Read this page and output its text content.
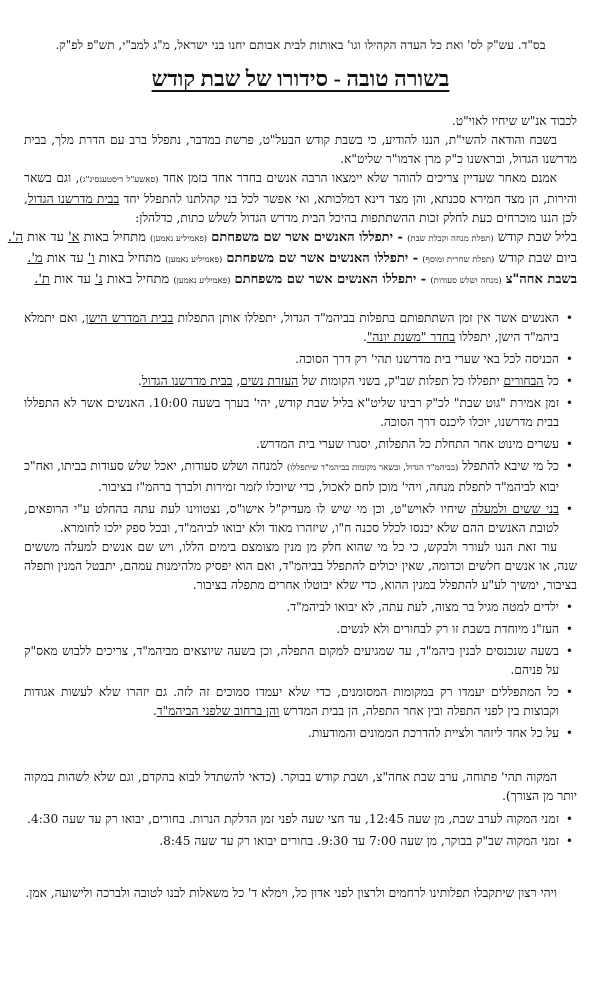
בס"ד. עש"ק לס' ואת כל העדה הקהילו וגו' באותות לבית אבותם יחנו בני ישראל, מ"ג למב"י, תש"פ לפ"ק.
בשורה טובה - סידורו של שבת קודש

לכבוד אנ"ש שיחיו לאוי"ט.

בשבח והודאה להשי"ת, הננו להודיע, כי בשבת קודש הבעל"ט, פרשת במדבר, נתפלל ברב עם הדרת מלך, בבית מדרשנו הגדול, ובראשנו כ"ק מרן אדמו"ר שליט"א.

אמנם מאחר שעדיין צריכים להוהר שלא יימצאו הרבה אנשים בחדר אחד בזמן אחד (סאשע"ל דיסטענסינ"ג), וגם בשאר והירות, הן מצד חמירא סכנתא, והן מצד דינא דמלכותא, ואי אפשר לכל בני קהלתנו להתפלל יחד בבית מדרשנו הגדול, לכן הננו מוכרחים כעת לחלק זכות ההשתתפות בהיכל הבית מדרש הגדול לשלש כתות, כדלהלן:

בליל שבת קודש (תפלת מנחה וקבלת שבת) - יתפללו האנשים אשר שם משפחתם (פאמיליע נאמען) מתחיל באות א' עד אות ה'.
ביום שבת קודש (תפלת שחרית ומוסף) - יתפללו האנשים אשר שם משפחתם (פאמיליע נאמען) מתחיל באות ו' עד אות מ'.
בשבת אחה"צ (מנחה ושלש סעודות) - יתפללו האנשים אשר שם משפחתם (פאמיליע נאמען) מתחיל באות נ' עד אות ת'.
• האנשים אשר אין זמן השתתפותם בתפלות בביהמ"ד הגדול, יתפללו אותן התפלות בבית המדרש הישן, ואם יתמלא ביהמ"ד הישן, יתפללו בחדר "משנת יונה".
• הכניסה לכל באי שערי בית מדרשנו תהי' רק דרך הסוכה.
• כל הבחורים יתפללו כל תפלות שב"ק, בשני הקומות של העזרת נשים, בבית מדרשנו הגדול.
• זמן אמירת "גוט שבת" לכ"ק רבינו שליט"א בליל שבת קודש, יהי' בערך בשעה 10:00. האנשים אשר לא התפללו בבית מדרשנו, יוכלו ליכנס דרך הסוכה.
• עשרים מינוט אחר התחלת כל התפלות, יסגרו שערי בית המדרש.
• כל מי שיבא להתפלל (בביהמ"ד הגדול, ובשאר מקומות בביהמ"ד שיתפללו) למנחה ושלש סעודות, יאכל שלש סעודות בביתו, ואח"כ יבוא לביהמ"ד לתפלת מנחה, ויהי' מוכן לחם לאכול, כדי שיוכלו לזמר זמירות ולברך ברהמ"ז בציבור.
• בני ששים ולמעלה שיחיו לאויש"ט, וכן מי שיש לו מעדיק"ל אישו"ס, נצטווינו לעת עתה בהחלט ע"י הרופאים, לטובת האנשים ההם שלא יכנסו לכלל סכנה ח"ו, שיזהרו מאוד ולא יבואו לביהמ"ד, ובכל ספק ילכו לחומרא.

עוד זאת הננו לעורר ולבקש, כי כל מי שהוא חלק מן מנין מצומצם בימים הללו, ויש שם אנשים למעלה מששים שנה, או אנשים חלשים וכדומה, שאין יכולים להתפלל בביהמ"ד, ואם הוא יפסיק מלהימנות עמהם, יתבטל המנין ותפלה בציבור, ימשיך לע"ע להתפלל במנין ההוא, כדי שלא יבוטלו אחרים מתפלה בציבור.

• ילדים למטה מגיל בר מצוה, לעת עתה, לא יבואו לביהמ"ד.
• העז"נ מיוחדת בשבת זו רק לבחורים ולא לנשים.
• בשעה שנכנסים לבנין ביהמ"ד, עד שמגיעים למקום התפלה, וכן בשעה שיוצאים מביהמ"ד, צריכים ללבוש מאס"ק על פניהם.
• כל המתפללים יעמדו רק במקומות המסומנים, כדי שלא יעמדו סמוכים זה לזה. גם יזהרו שלא לעשות אגודות וקבוצות בין לפני התפלה ובין אחר התפלה, הן בבית המדרש והן ברחוב שלפני הביהמ"ד.
• על כל אחד ליזהר ולציית להדרכת הממונים והמודעות.

המקוה תהי' פתוחה, ערב שבת אחה"צ, ושבת קודש בבוקר. (כדאי להשתדל לבוא בהקדם, וגם שלא לשהות במקוה יותר מן הצורך).

• זמני המקוה לערב שבת, מן שעה 12:45, עד חצי שעה לפני זמן הדלקת הנרות. בחורים, יבואו רק עד שעה 4:30.
• זמני המקוה שב"ק בבוקר, מן שעה 7:00 עד 9:30. בחורים יבואו רק עד שעה 8:45.

ויהי רצון שיתקבלו תפלותינו לרחמים ולרצון לפני אדון כל, וימלא ד' כל משאלות לבנו לטובה ולברכה ולישועה, אמן.
